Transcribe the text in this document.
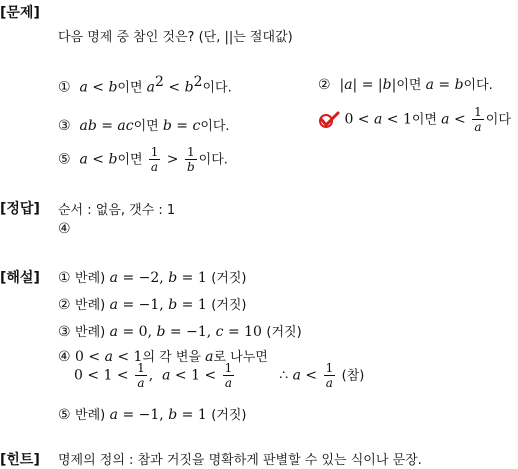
[문제]
다음 명제 중 참인 것은? (단, ||는 절대값)
① a < b이면 $a^2 < b^2$이다.	② |a| = |b|이면 a = b이다.
③ ab = ac이면 b = c이다.	0 < a < 1이면 $a < \frac{1}{a}$ 이다
⑤ a < b이면 $\frac{1}{a} > \frac{1}{b}$ 이다.
[정답] 순서 : 없음, 갯수 : 1
④
[해설] ① 반례) a = −2, b = 1 (거짓)
② 반례) a = −1, b = 1 (거짓)
③ 반례) a = 0, b = −1, c = 10 (거짓)
④ 0 < a < 1의 각 변을 a로 나누면
$0 < 1 < \frac{1}{a}$ , $a < 1 < \frac{1}{a}$	∴ $a < \frac{1}{a}$ (참)
⑤ 반례) a = −1, b = 1 (거짓)
[힌트] 명제의 정의 : 참과 거짓을 명확하게 판별할 수 있는 식이나 문장.
